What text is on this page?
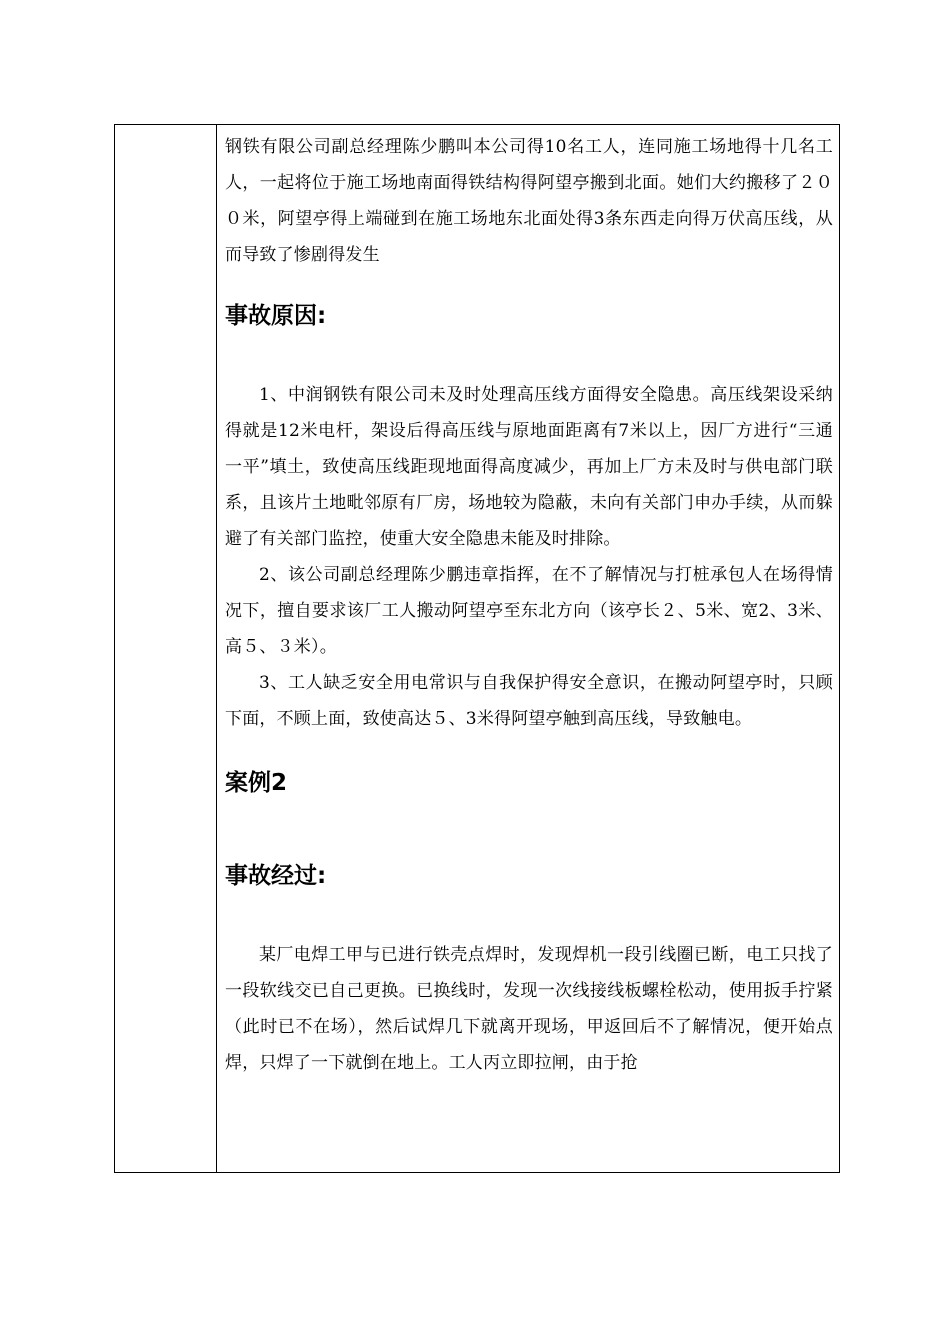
钢铁有限公司副总经理陈少鹏叫本公司得10名工人，连同施工场地得十几名工人，一起将位于施工场地南面得铁结构得阿望亭搬到北面。她们大约搬移了２００米，阿望亭得上端碰到在施工场地东北面处得3条东西走向得万伏高压线，从而导致了惨剧得发生

事故原因:

1、中润钢铁有限公司未及时处理高压线方面得安全隐患。高压线架设采纳得就是12米电杆，架设后得高压线与原地面距离有7米以上，因厂方进行“三通一平”填土，致使高压线距现地面得高度减少，再加上厂方未及时与供电部门联系，且该片土地毗邻原有厂房，场地较为隐蔽，未向有关部门申办手续，从而躲避了有关部门监控，使重大安全隐患未能及时排除。

2、该公司副总经理陈少鹏违章指挥，在不了解情况与打桩承包人在场得情况下，擅自要求该厂工人搬动阿望亭至东北方向（该亭长２、5米、宽2、3米、高５、３米）。

3、工人缺乏安全用电常识与自我保护得安全意识，在搬动阿望亭时，只顾下面，不顾上面，致使高达５、3米得阿望亭触到高压线，导致触电。

案例2

事故经过:

某厂电焊工甲与已进行铁壳点焊时，发现焊机一段引线圈已断，电工只找了一段软线交已自己更换。已换线时，发现一次线接线板螺栓松动，使用扳手拧紧（此时已不在场），然后试焊几下就离开现场，甲返回后不了解情况，便开始点焊，只焊了一下就倒在地上。工人丙立即拉闸，由于抢
